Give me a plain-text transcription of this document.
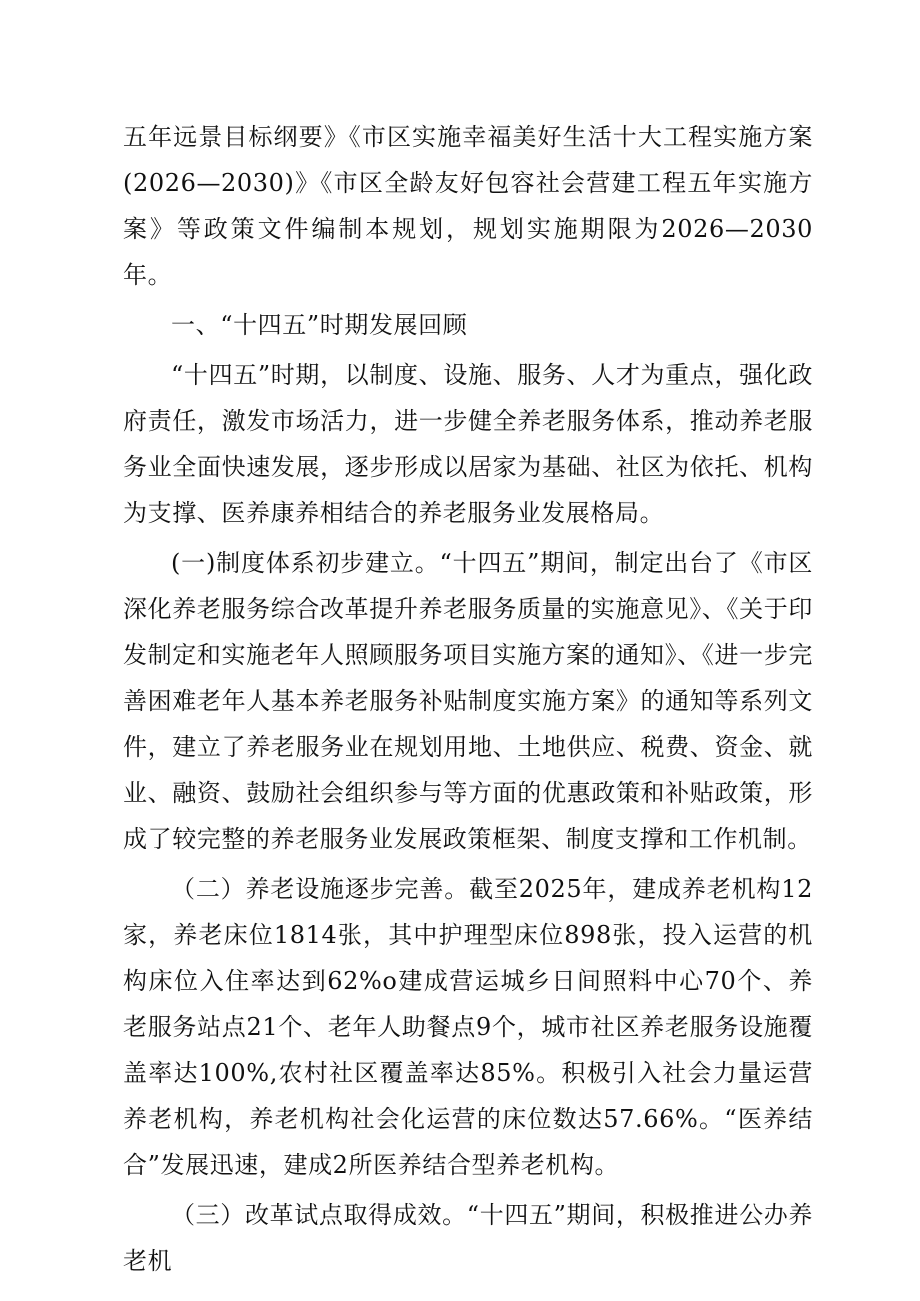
五年远景目标纲要》《市区实施幸福美好生活十大工程实施方案(2026—2030)》《市区全龄友好包容社会营建工程五年实施方案》等政策文件编制本规划，规划实施期限为2026—2030年。

一、“十四五”时期发展回顾

“十四五”时期，以制度、设施、服务、人才为重点，强化政府责任，激发市场活力，进一步健全养老服务体系，推动养老服务业全面快速发展，逐步形成以居家为基础、社区为依托、机构为支撑、医养康养相结合的养老服务业发展格局。

(一)制度体系初步建立。“十四五”期间，制定出台了《市区深化养老服务综合改革提升养老服务质量的实施意见》、《关于印发制定和实施老年人照顾服务项目实施方案的通知》、《进一步完善困难老年人基本养老服务补贴制度实施方案》的通知等系列文件，建立了养老服务业在规划用地、土地供应、税费、资金、就业、融资、鼓励社会组织参与等方面的优惠政策和补贴政策，形成了较完整的养老服务业发展政策框架、制度支撑和工作机制。

（二）养老设施逐步完善。截至2025年，建成养老机构12家，养老床位1814张，其中护理型床位898张，投入运营的机构床位入住率达到62%o建成营运城乡日间照料中心70个、养老服务站点21个、老年人助餐点9个，城市社区养老服务设施覆盖率达100%,农村社区覆盖率达85%。积极引入社会力量运营养老机构，养老机构社会化运营的床位数达57.66%。“医养结合”发展迅速，建成2所医养结合型养老机构。

（三）改革试点取得成效。“十四五”期间，积极推进公办养老机
